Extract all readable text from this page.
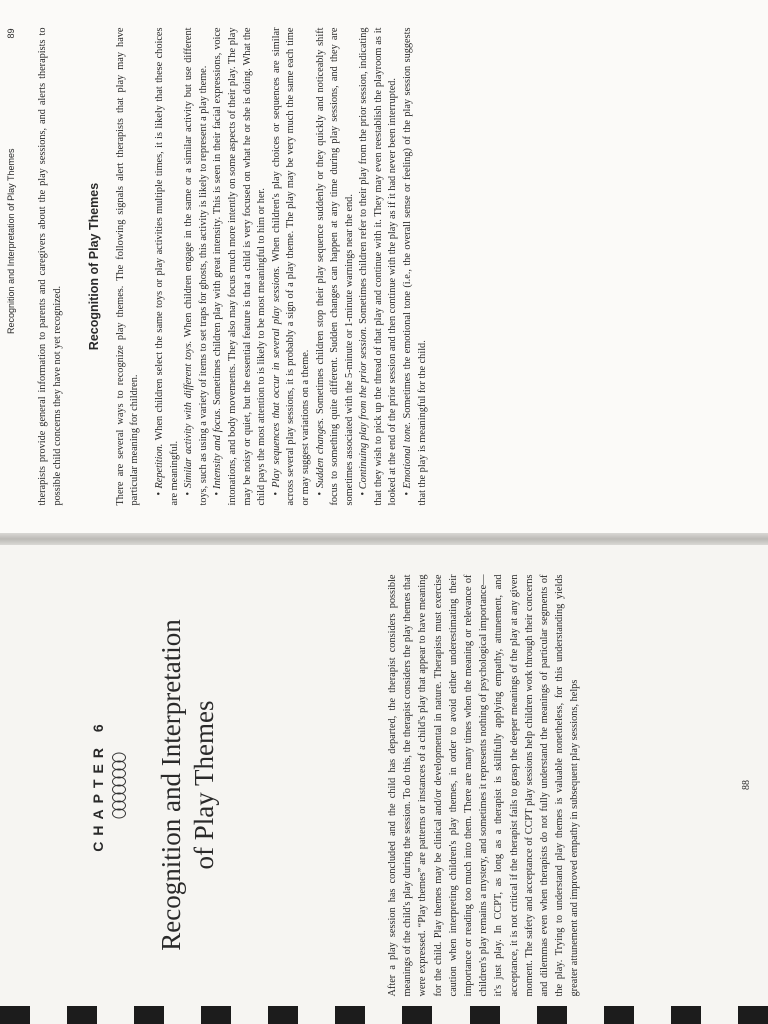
Recognition and Interpretation of Play Themes
89 therapists provide general information to parents and caregivers about the play sessions, and alerts therapists to possible child concerns they have not yet recognized.

Recognition of Play Themes There are several ways to recognize play themes. The following signals alert therapists that play may have particular meaning for children. • Repetition. When children select the same toys or play activities multiple times, it is likely that these choices are meaningful. • Similar activity with different toys. When children engage in the same or a similar activity but use different toys, such as using a variety of items to set traps for ghosts, this activity is likely to represent a play theme. • Intensity and focus. Sometimes children play with great intensity. This is seen in their facial expressions, voice intonations, and body movements. They also may focus much more intently on some aspects of their play. The play may be noisy or quiet, but the essential feature is that a child is very focused on what he or she is doing. What the child pays the most attention to is likely to be most meaningful to him or her. • Play sequences that occur in several play sessions. When children's play choices or sequences are similar across several play sessions, it is probably a sign of a play theme. The play may be very much the same each time or may suggest variations on a theme. • Sudden changes. Sometimes children stop their play sequence suddenly or they quickly and noticeably shift focus to something quite different. Sudden changes can happen at any time during play sessions, and they are sometimes associated with the 5-minute or 1-minute warnings near the end. • Continuing play from the prior session. Sometimes children refer to their play from the prior session, indicating that they wish to pick up the thread of that play and continue with it. They may even reestablish the playroom as it looked at the end of the prior session and then continue with the play as if it had never been interrupted. • Emotional tone. Sometimes the emotional tone (i.e., the overall sense or feeling) of the play session suggests that the play is meaningful for the child.

CHAPTER 6 Recognition and Interpretation of Play Themes	After a play session has concluded and the child has departed, the therapist considers possible meanings of the child's play during the session. To do this, the therapist considers the play themes that were expressed. “Play themes” are patterns or instances of a child's play that appear to have meaning for the child. Play themes may be clinical and/or developmental in nature. Therapists must exercise caution when interpreting children's play themes, in order to avoid either underestimating their importance or reading too much into them. There are many times when the meaning or relevance of children's play remains a mystery, and sometimes it represents nothing of psychological importance—it's just play. In CCPT, as long as a therapist is skillfully applying empathy, attunement, and acceptance, it is not critical if the therapist fails to grasp the deeper meanings of the play at any given moment. The safety and acceptance of CCPT play sessions help children work through their concerns and dilemmas even when therapists do not fully understand the meanings of particular segments of the play. Trying to understand play themes is valuable nonetheless, for this understanding yields greater attunement and improved empathy in subsequent play sessions, helps	88
